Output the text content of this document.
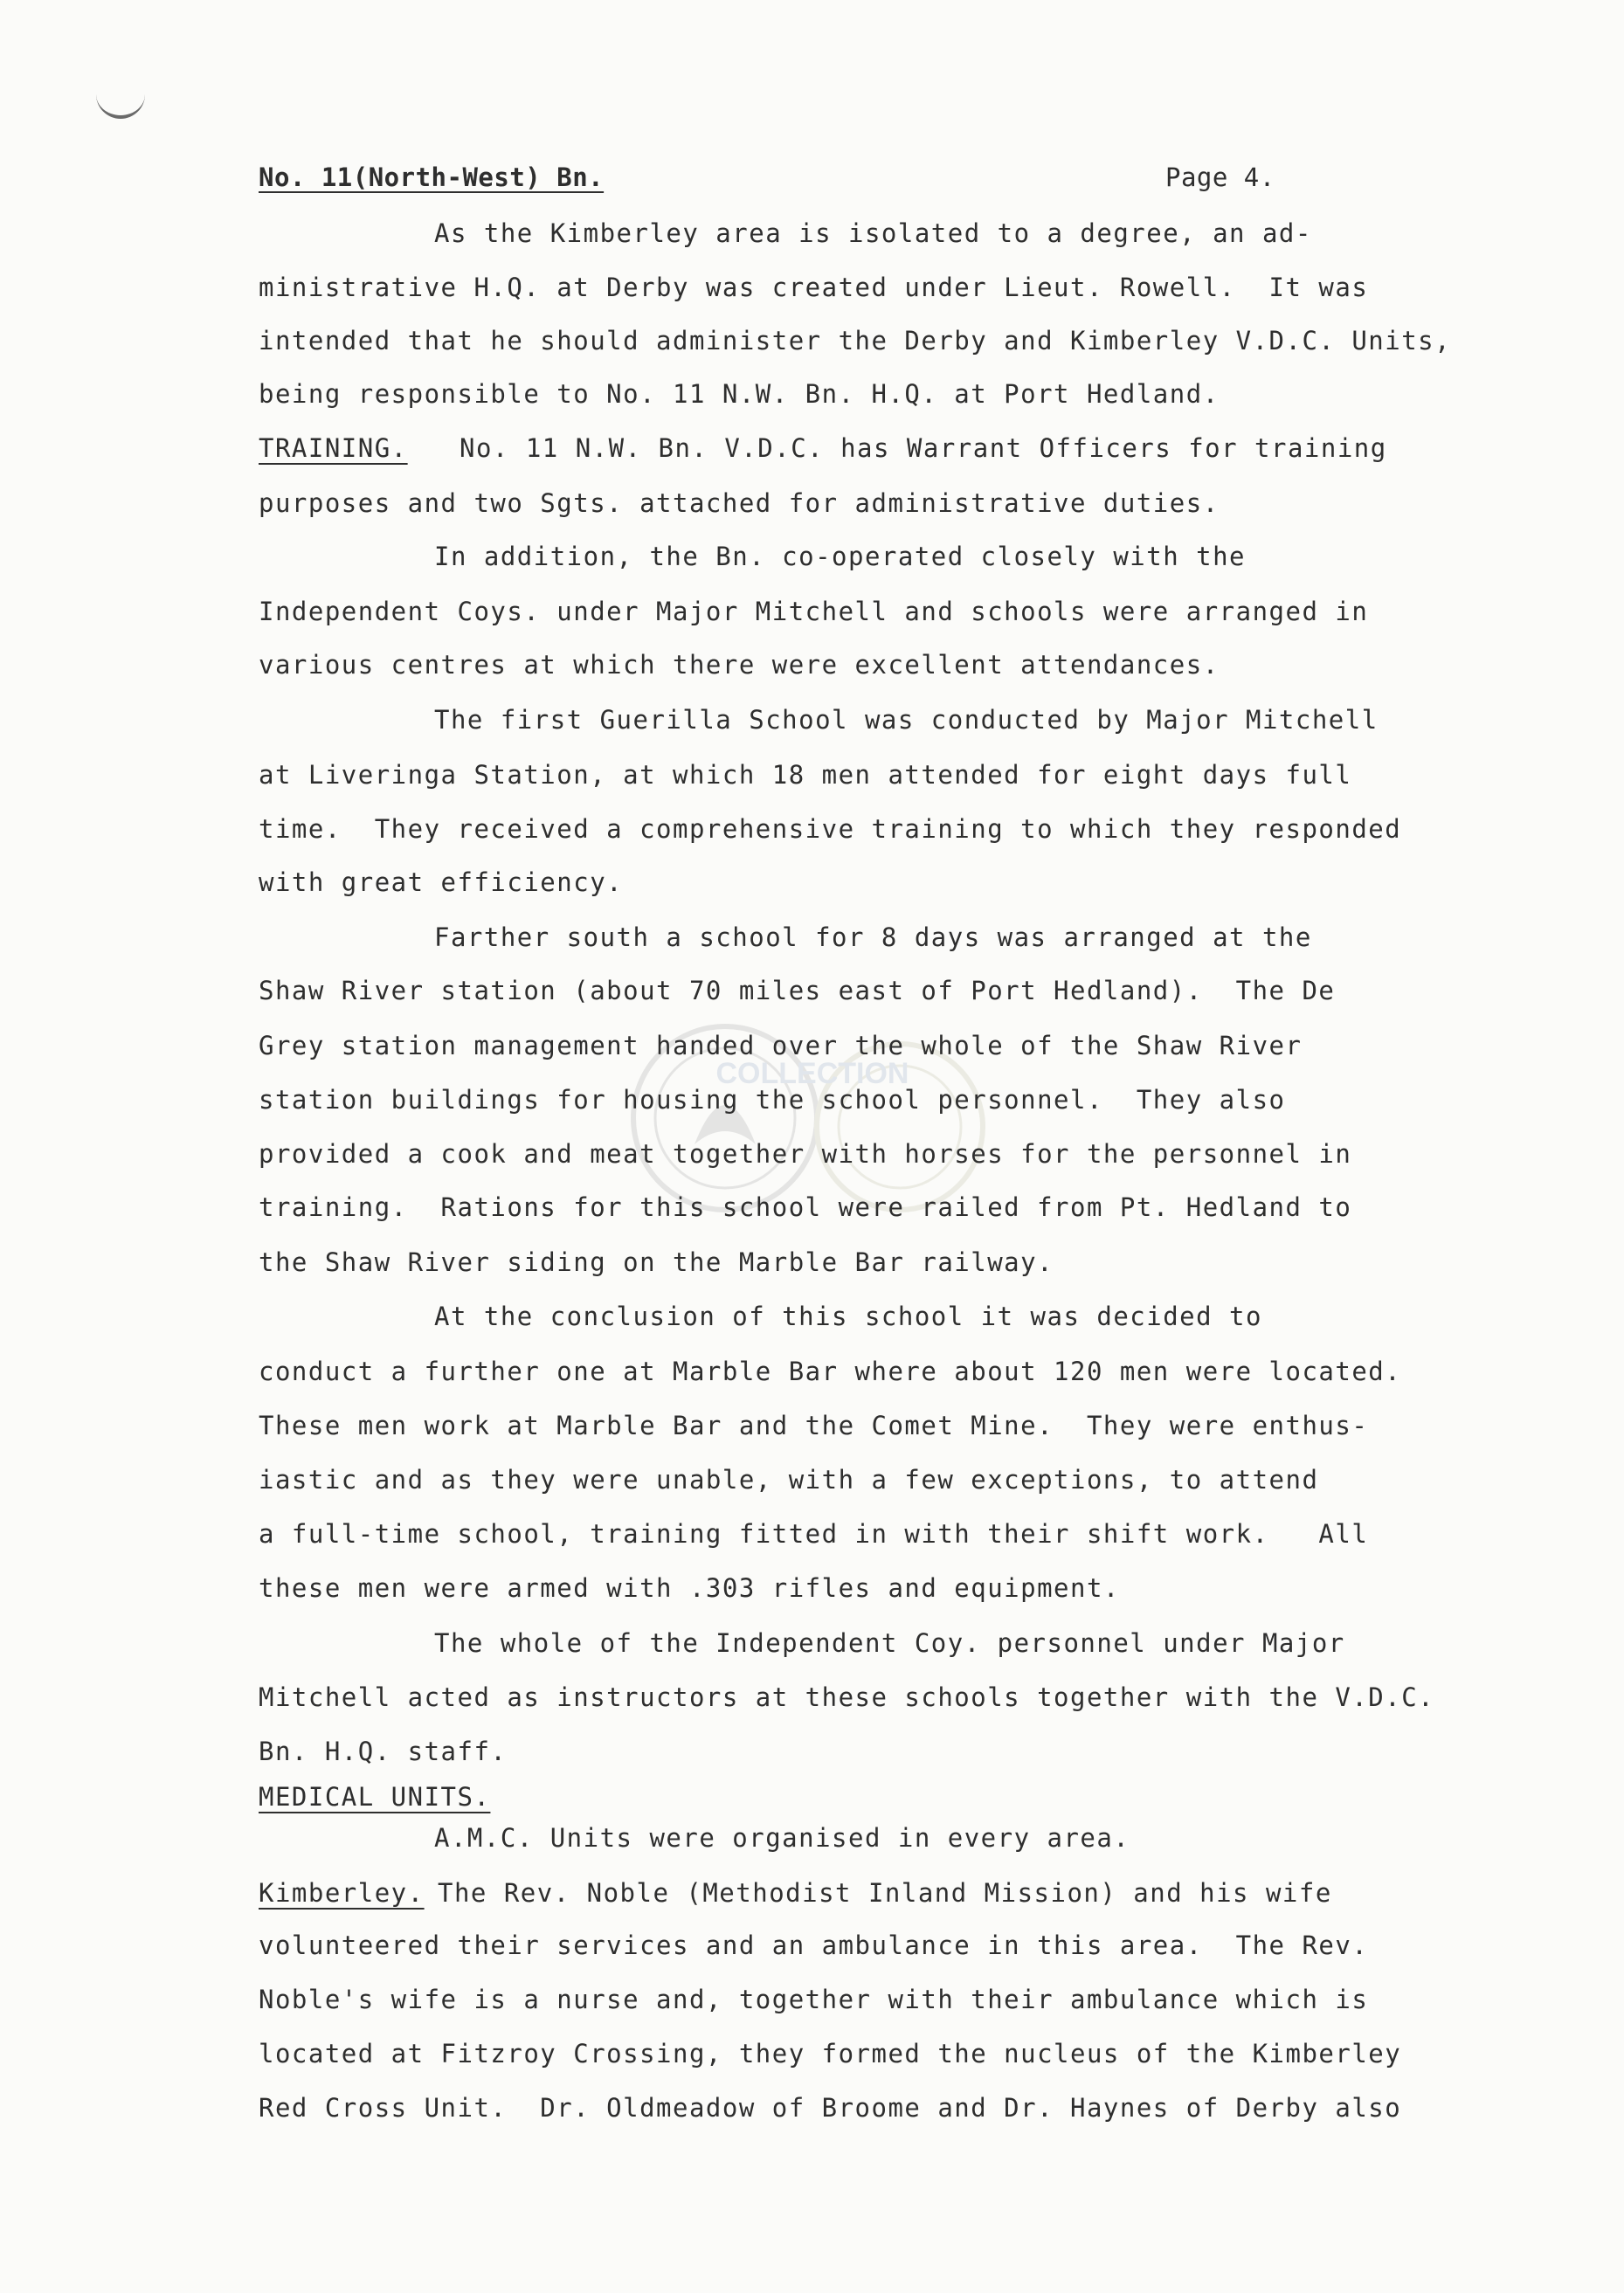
COLLECTION
No. 11(North-West) Bn.	Page 4.
As the Kimberley area is isolated to a degree, an ad-
ministrative H.Q. at Derby was created under Lieut. Rowell.  It was
intended that he should administer the Derby and Kimberley V.D.C. Units,
being responsible to No. 11 N.W. Bn. H.Q. at Port Hedland.
TRAINING. No. 11 N.W. Bn. V.D.C. has Warrant Officers for training
purposes and two Sgts. attached for administrative duties.
In addition, the Bn. co-operated closely with the
Independent Coys. under Major Mitchell and schools were arranged in
various centres at which there were excellent attendances.
The first Guerilla School was conducted by Major Mitchell
at Liveringa Station, at which 18 men attended for eight days full
time.  They received a comprehensive training to which they responded
with great efficiency.
Farther south a school for 8 days was arranged at the
Shaw River station (about 70 miles east of Port Hedland).  The De
Grey station management handed over the whole of the Shaw River
station buildings for housing the school personnel.  They also
provided a cook and meat together with horses for the personnel in
training.  Rations for this school were railed from Pt. Hedland to
the Shaw River siding on the Marble Bar railway.
At the conclusion of this school it was decided to
conduct a further one at Marble Bar where about 120 men were located.
These men work at Marble Bar and the Comet Mine.  They were enthus-
iastic and as they were unable, with a few exceptions, to attend
a full-time school, training fitted in with their shift work.   All
these men were armed with .303 rifles and equipment.
The whole of the Independent Coy. personnel under Major
Mitchell acted as instructors at these schools together with the V.D.C.
Bn. H.Q. staff.
MEDICAL UNITS.
A.M.C. Units were organised in every area.
Kimberley. The Rev. Noble (Methodist Inland Mission) and his wife
volunteered their services and an ambulance in this area.  The Rev.
Noble's wife is a nurse and, together with their ambulance which is
located at Fitzroy Crossing, they formed the nucleus of the Kimberley
Red Cross Unit.  Dr. Oldmeadow of Broome and Dr. Haynes of Derby also
